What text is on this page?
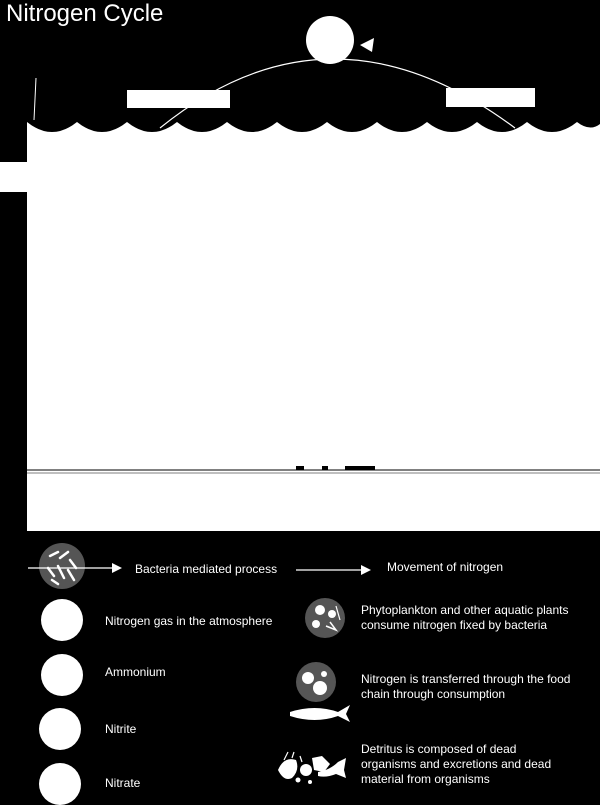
Nitrogen Cycle
Bacteria mediated process	Movement of nitrogen
Nitrogen gas in the atmosphere
Ammonium
Nitrite
Nitrate
Phytoplankton and other aquatic plants consume nitrogen fixed by bacteria
Nitrogen is transferred through the food chain through consumption
Detritus is composed of dead organisms and excretions and dead material from organisms
